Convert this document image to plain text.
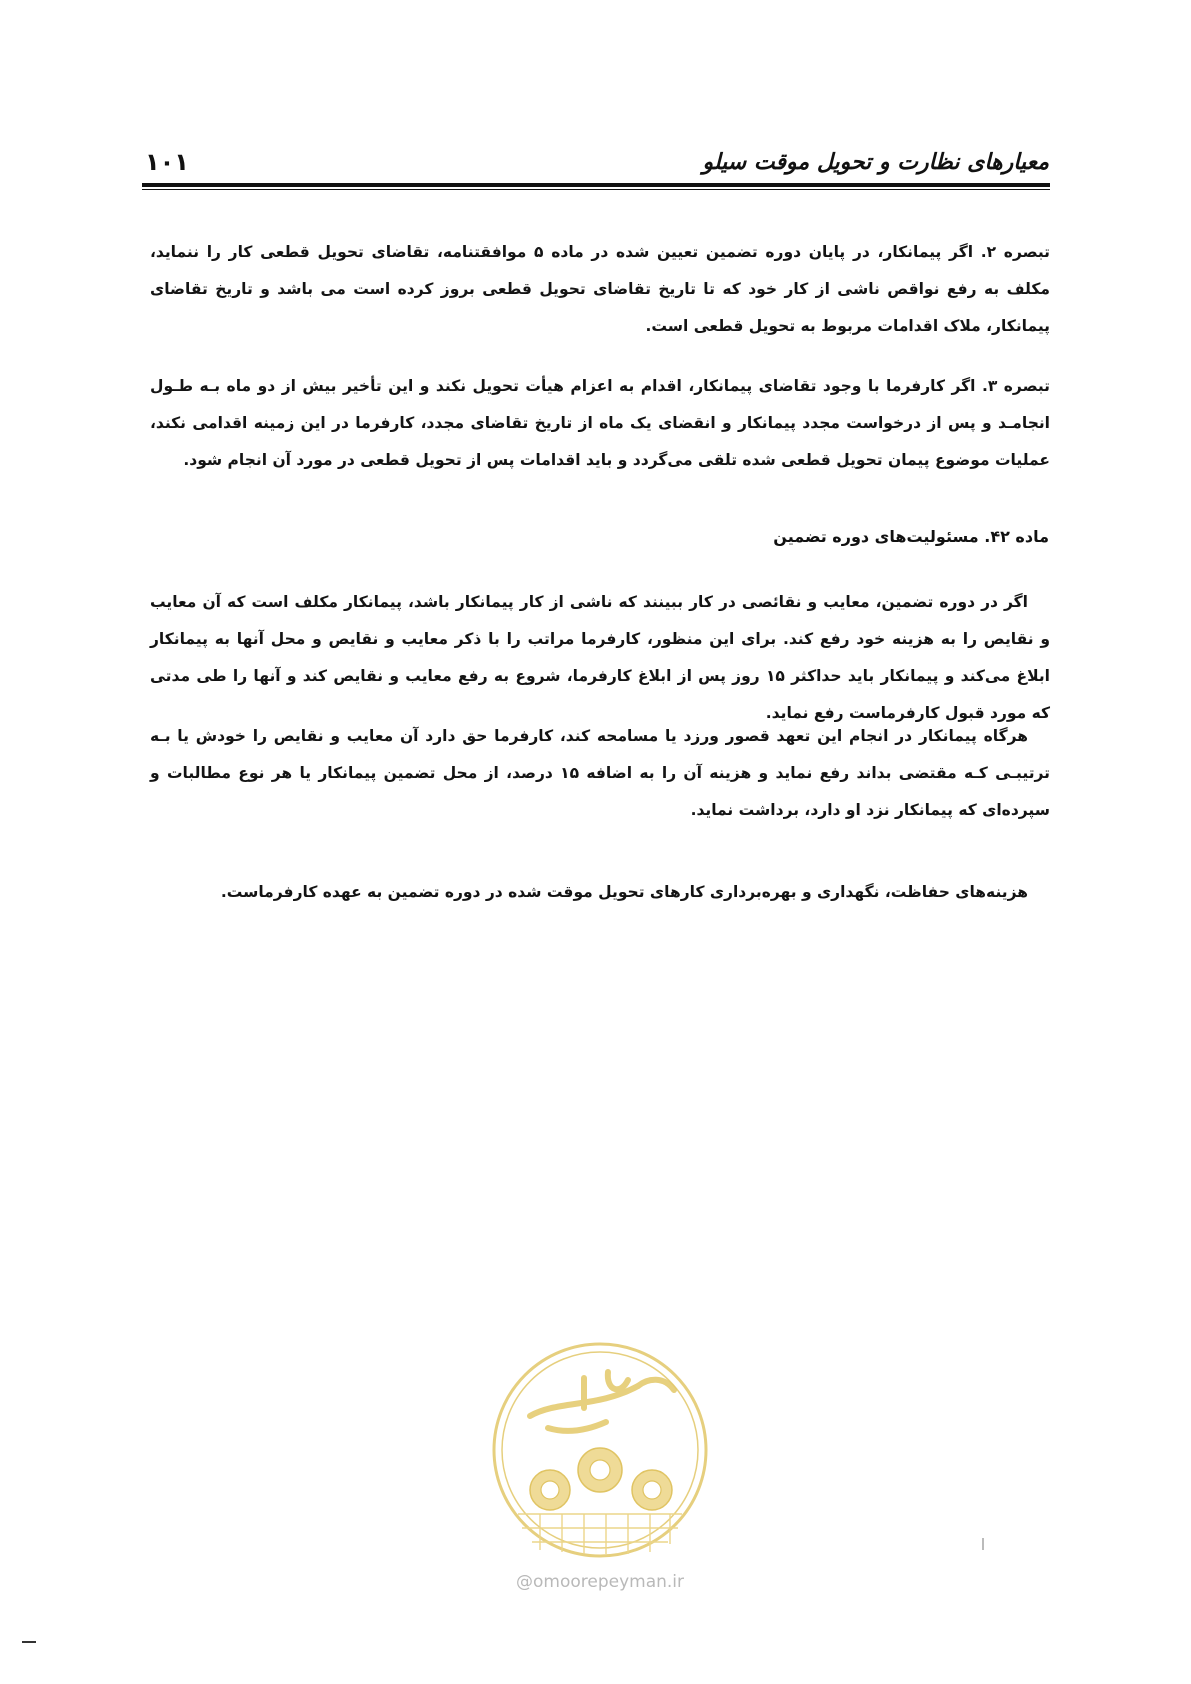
معیارهای نظارت و تحویل موقت سیلو
۱۰۱

تبصره ۲. اگر پیمانکار، در پایان دوره تضمین تعیین شده در ماده ۵ موافقتنامه، تقاضای تحویل قطعی کار را ننماید، مکلف به رفع نواقص ناشی از کار خود که تا تاریخ تقاضای تحویل قطعی بروز کرده است می باشد و تاریخ تقاضای پیمانکار، ملاک اقدامات مربوط به تحویل قطعی است.

تبصره ۳. اگر کارفرما با وجود تقاضای پیمانکار، اقدام به اعزام هیأت تحویل نکند و این تأخیر بیش از دو ماه بـه طـول انجامـد و پس از درخواست مجدد پیمانکار و انقضای یک ماه از تاریخ تقاضای مجدد، کارفرما در این زمینه اقدامی نکند، عملیات موضوع پیمان تحویل قطعی شده تلقی می‌گردد و باید اقدامات پس از تحویل قطعی در مورد آن انجام شود.

ماده ۴۲. مسئولیت‌های دوره تضمین

اگر در دوره تضمین، معایب و نقائصی در کار ببینند که ناشی از کار پیمانکار باشد، پیمانکار مکلف است که آن معایب و نقایص را به هزینه خود رفع کند. برای این منظور، کارفرما مراتب را با ذکر معایب و نقایص و محل آنها به پیمانکار ابلاغ می‌کند و پیمانکار باید حداکثر ۱۵ روز پس از ابلاغ کارفرما، شروع به رفع معایب و نقایص کند و آنها را طی مدتی که مورد قبول کارفرماست رفع نماید.

هرگاه پیمانکار در انجام این تعهد قصور ورزد یا مسامحه کند، کارفرما حق دارد آن معایب و نقایص را خودش یا بـه ترتیبـی کـه مقتضی بداند رفع نماید و هزینه آن را به اضافه ۱۵ درصد، از محل تضمین پیمانکار یا هر نوع مطالبات و سپرده‌ای که پیمانکار نزد او دارد، برداشت نماید.

هزینه‌های حفاظت، نگهداری و بهره‌برداری کارهای تحویل موقت شده در دوره تضمین به عهده کارفرماست.

@omoorepeyman.ir
